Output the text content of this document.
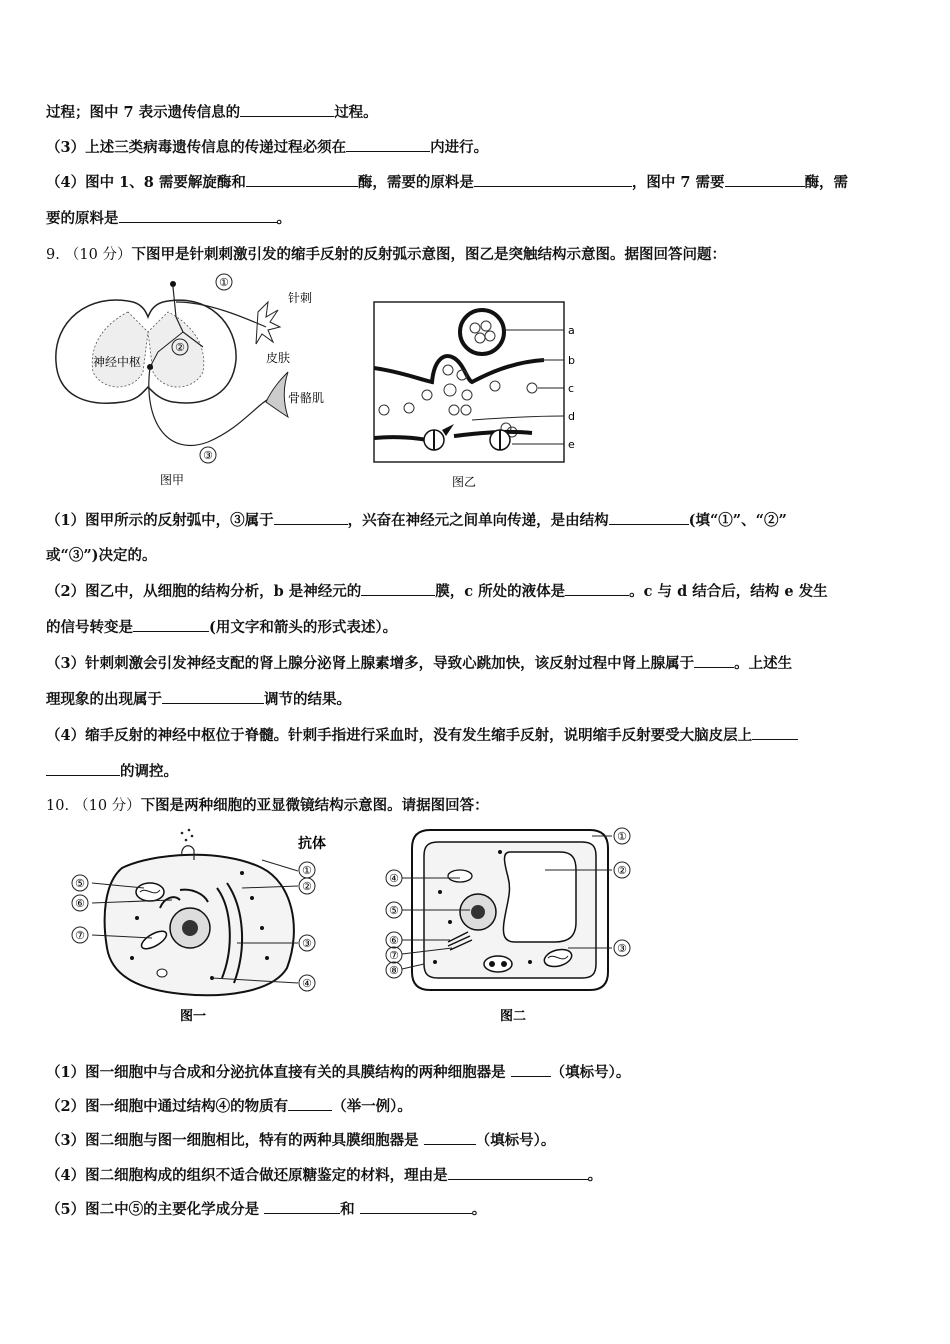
过程；图中 7 表示遗传信息的	过程。
（3）上述三类病毒遗传信息的传递过程必须在	内进行。
（4）图中 1、8 需要解旋酶和	酶，需要的原料是	，图中 7 需要	酶，需
要的原料是	。
9. （10 分）下图甲是针刺刺激引发的缩手反射的反射弧示意图，图乙是突触结构示意图。据图回答问题：
神经中枢
①
②
③
针刺
皮肤
骨骼肌
图甲
a
b
c
d
e
图乙
（1）图甲所示的反射弧中，③属于	，兴奋在神经元之间单向传递，是由结构	(填“①”、“②”
或“③”)决定的。
（2）图乙中，从细胞的结构分析，b 是神经元的	膜，c 所处的液体是	。c 与 d 结合后，结构 e 发生
的信号转变是	(用文字和箭头的形式表述）。
（3）针刺刺激会引发神经支配的肾上腺分泌肾上腺素增多，导致心跳加快，该反射过程中肾上腺属于	。上述生
理现象的出现属于	调节的结果。
（4）缩手反射的神经中枢位于脊髓。针刺手指进行采血时，没有发生缩手反射，说明缩手反射要受大脑皮层上
的调控。
10. （10 分）下图是两种细胞的亚显微镜结构示意图。请据图回答：
抗体
①
②
③
④
⑤
⑥
⑦
图一
①
②
③
④
⑤
⑥
⑦
⑧
图二
（1）图一细胞中与合成和分泌抗体直接有关的具膜结构的两种细胞器是	（填标号）。
（2）图一细胞中通过结构④的物质有	（举一例）。
（3）图二细胞与图一细胞相比，特有的两种具膜细胞器是	（填标号）。
（4）图二细胞构成的组织不适合做还原糖鉴定的材料，理由是	。
（5）图二中⑤的主要化学成分是	和	。
